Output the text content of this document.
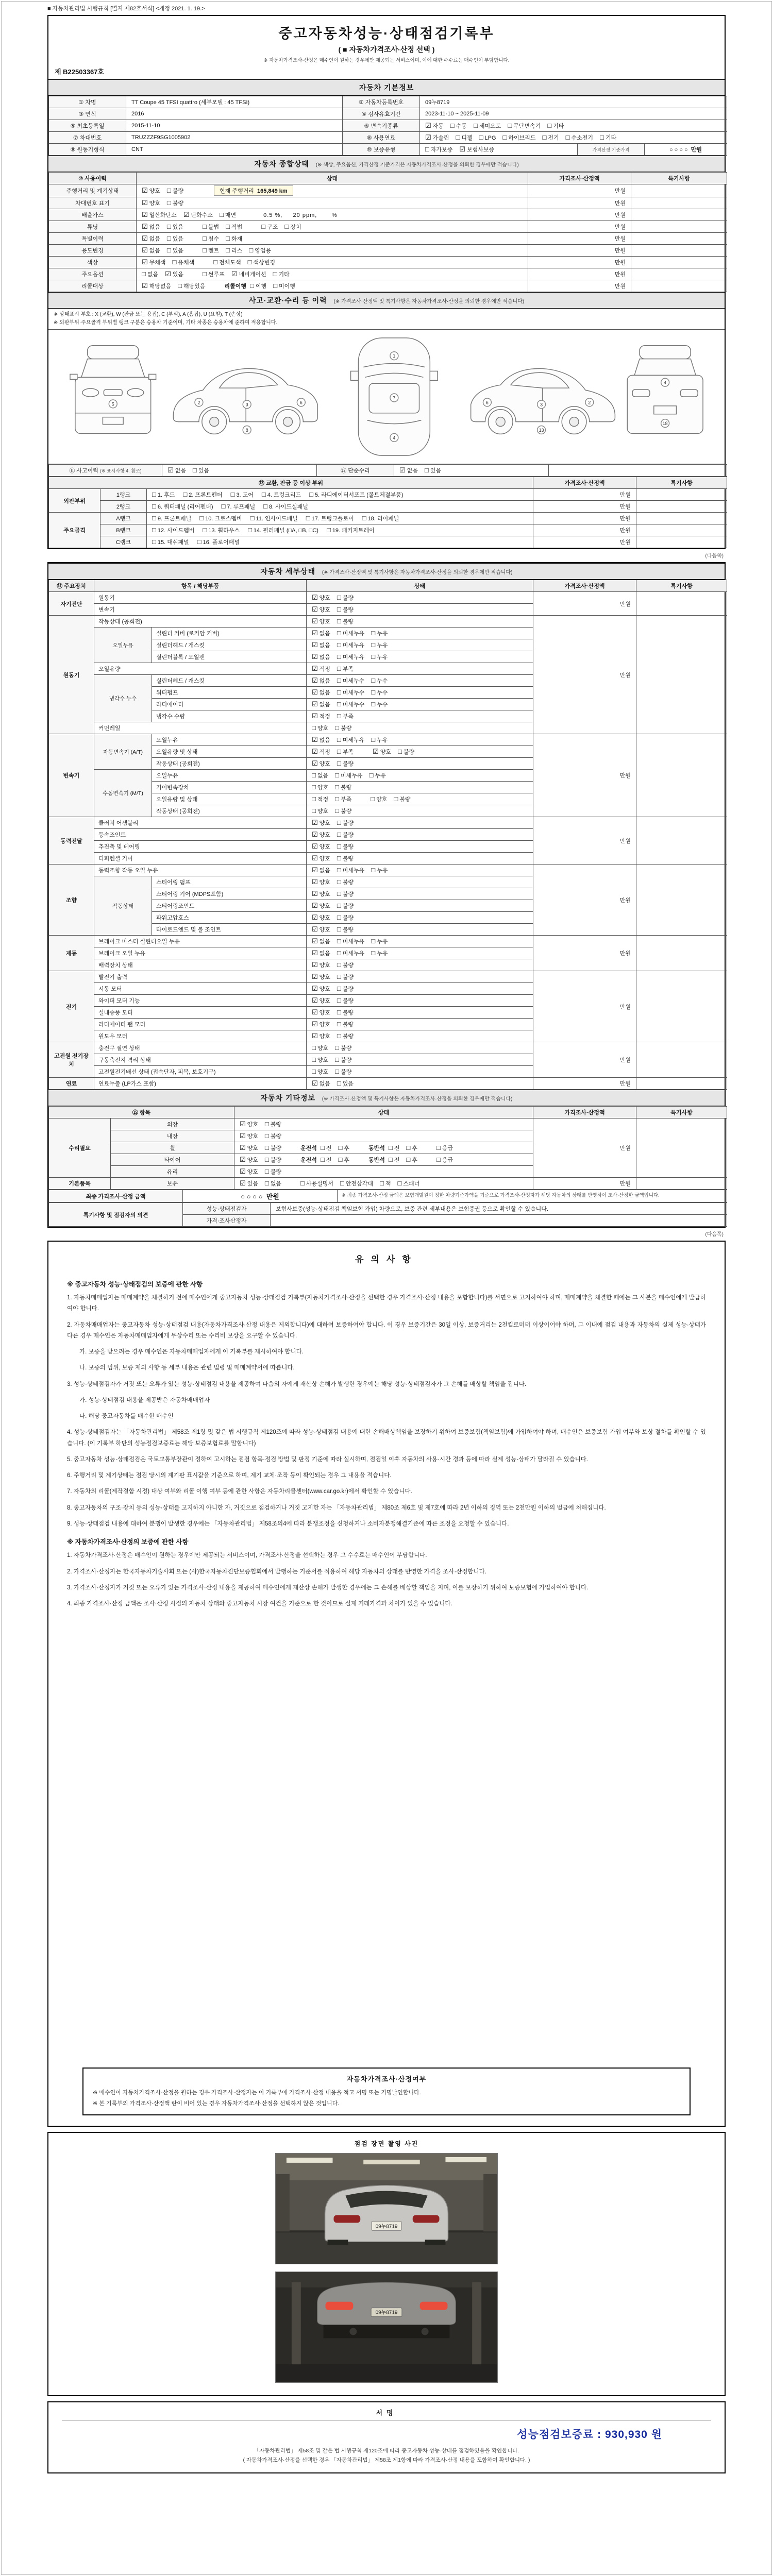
■ 자동차관리법 시행규칙 [별지 제82호서식] <개정 2021. 1. 19.>
중고자동차성능·상태점검기록부
( ■ 자동차가격조사·산정 선택 )
※ 자동차가격조사·산정은 매수인이 원하는 경우에만 제공되는 서비스이며, 이에 대한 수수료는 매수인이 부담합니다.
제 B22503367호
자동차 기본정보
① 차명	TT Coupe 45 TFSI quattro (세부모델 : 45 TFSI)	② 자동차등록번호	09누8719		
③ 연식	2016	④ 검사유효기간	2023-11-10 ~ 2025-11-09		
⑤ 최초등록일	2015-11-10	⑥ 변속기종류	☑ 자동 □ 수동 □ 세미오토 □ 무단변속기 □ 기타		
⑦ 차대번호	TRUZZZF9SG1005902	⑧ 사용연료	☑ 가솔린 □ 디젤 □ LPG □ 하이브리드 □ 전기 □ 수소전기 □ 기타		
⑨ 원동기형식	CNT	⑩ 보증유형	□ 자가보증 ☑ 보험사보증	가격산정 기준가격	○ ○ ○ ○  만원
자동차 종합상태 (※ 색상, 주요옵션, 가격산정 기준가격은 자동차가격조사·산정을 의뢰한 경우에만 적습니다)
⑩ 사용이력	상태	가격조사·산정액	특기사항
주행거리 및 계기상태	☑ 양호 □ 불량 현재 주행거리  165,849 km	만원	
차대번호 표기	☑ 양호 □ 불량	만원	
배출가스	☑ 일산화탄소 ☑ 탄화수소 □ 매연 0.5 %,     20 ppm,       %	만원	
튜닝	☑ 없음 □ 있음 □ 불법 □ 적법 □ 구조 □ 장치	만원	
특별이력	☑ 없음 □ 있음 □ 침수 □ 화재	만원	
용도변경	☑ 없음 □ 있음 □ 렌트 □ 리스 □ 영업용	만원	
색상	☑ 무채색 □ 유채색 □ 전체도색 □ 색상변경	만원	
주요옵션	□ 없음 ☑ 있음 □ 썬루프 ☑ 네비게이션 □ 기타	만원	
리콜대상	☑ 해당없음 □ 해당있음 리콜이행 □ 이행 □ 미이행	만원	
사고·교환·수리 등 이력 (※ 가격조사·산정액 및 특기사항은 자동차가격조사·산정을 의뢰한 경우에만 적습니다)
※ 상태표시 부호 : X (교환), W (판금 또는 용접), C (부식), A (흠집), U (요철), T (손상)
※ 외판부위·주요골격 부위별 랭크 구분은 승용차 기준이며, 기타 차종은 승용차에 준하여 적용합니다.
5	2	3	6
8
1
7
4
2
3
6
13
4
18
⑪ 사고이력 (※ 표시사항 4. 참조)	☑ 없음 □ 있음	⑫ 단순수리	☑ 없음 □ 있음	
⑬ 교환, 판금 등 이상 부위			가격조사·산정액	특기사항
외판부위	1랭크	□ 1. 후드 □ 2. 프론트펜더 □ 3. 도어 □ 4. 트렁크리드 □ 5. 라디에이터서포트 (볼트체결부품)	만원	
	2랭크	□ 6. 쿼터패널 (리어펜더) □ 7. 루프패널 □ 8. 사이드실패널	만원	
주요골격	A랭크	□ 9. 프론트패널 □ 10. 크로스멤버 □ 11. 인사이드패널 □ 17. 트렁크플로어 □ 18. 리어패널	만원	
	B랭크	□ 12. 사이드멤버 □ 13. 휠하우스 □ 14. 필러패널 (□A, □B, □C) □ 19. 패키지트레이	만원	
	C랭크	□ 15. 대쉬패널 □ 16. 플로어패널	만원	
(다음쪽)
자동차 세부상태 (※ 가격조사·산정액 및 특기사항은 자동차가격조사·산정을 의뢰한 경우에만 적습니다)
⑭ 주요장치	항목 / 해당부품		상태	가격조사·산정액	특기사항
자기진단	원동기		☑ 양호 □ 불량	만원	
	변속기		☑ 양호 □ 불량		
원동기	작동상태 (공회전)		☑ 양호 □ 불량	만원	
	오일누유	실린더 커버 (로커암 커버)	☑ 없음 □ 미세누유 □ 누유		
		실린더헤드 / 개스킷	☑ 없음 □ 미세누유 □ 누유		
		실린더블록 / 오일팬	☑ 없음 □ 미세누유 □ 누유		
	오일유량		☑ 적정 □ 부족		
	냉각수 누수	실린더헤드 / 개스킷	☑ 없음 □ 미세누수 □ 누수		
		워터펌프	☑ 없음 □ 미세누수 □ 누수		
		라디에이터	☑ 없음 □ 미세누수 □ 누수		
		냉각수 수량	☑ 적정 □ 부족		
	커먼레일		□ 양호 □ 불량		
변속기	자동변속기 (A/T)	오일누유	☑ 없음 □ 미세누유 □ 누유	만원	
		오일유량 및 상태	☑ 적정 □ 부족 ☑ 양호 □ 불량		
		작동상태 (공회전)	☑ 양호 □ 불량		
	수동변속기 (M/T)	오일누유	□ 없음 □ 미세누유 □ 누유		
		기어변속장치	□ 양호 □ 불량		
		오일유량 및 상태	□ 적정 □ 부족 □ 양호 □ 불량		
		작동상태 (공회전)	□ 양호 □ 불량		
동력전달	클러치 어셈블리		☑ 양호 □ 불량	만원	
	등속조인트		☑ 양호 □ 불량		
	추진축 및 베어링		☑ 양호 □ 불량		
	디퍼렌셜 기어		☑ 양호 □ 불량		
조향	동력조향 작동 오일 누유		☑ 없음 □ 미세누유 □ 누유	만원	
	작동상태	스티어링 펌프	☑ 양호 □ 불량		
		스티어링 기어 (MDPS포함)	☑ 양호 □ 불량		
		스티어링조인트	☑ 양호 □ 불량		
		파워고압호스	☑ 양호 □ 불량		
		타이로드엔드 및 볼 조인트	☑ 양호 □ 불량		
제동	브레이크 마스터 실린더오일 누유		☑ 없음 □ 미세누유 □ 누유	만원	
	브레이크 오일 누유		☑ 없음 □ 미세누유 □ 누유		
	배력장치 상태		☑ 양호 □ 불량		
전기	발전기 출력		☑ 양호 □ 불량	만원	
	시동 모터		☑ 양호 □ 불량		
	와이퍼 모터 기능		☑ 양호 □ 불량		
	실내송풍 모터		☑ 양호 □ 불량		
	라디에이터 팬 모터		☑ 양호 □ 불량		
	윈도우 모터		☑ 양호 □ 불량		
고전원 전기장치	충전구 절연 상태		□ 양호 □ 불량	만원	
	구동축전지 격리 상태		□ 양호 □ 불량		
	고전원전기배선 상태 (접속단자, 피복, 보호기구)		□ 양호 □ 불량		
연료	연료누출 (LP가스 포함)		☑ 없음 □ 있음	만원	
자동차 기타정보 (※ 가격조사·산정액 및 특기사항은 자동차가격조사·산정을 의뢰한 경우에만 적습니다)
⑮ 항목		상태	가격조사·산정액	특기사항
수리필요	외장	☑ 양호 □ 불량	만원	
	내장	☑ 양호 □ 불량		
	휠	☑ 양호 □ 불량 운전석 □ 전 □ 후 동반석 □ 전 □ 후 □ 응급		
	타이어	☑ 양호 □ 불량 운전석 □ 전 □ 후 동반석 □ 전 □ 후 □ 응급		
	유리	☑ 양호 □ 불량		
기본품목	보유	☑ 있음 □ 없음 □ 사용설명서 □ 안전삼각대 □ 잭 □ 스패너	만원	
최종 가격조사·산정 금액	○ ○ ○ ○  만원	※ 최종 가격조사·산정 금액은 보험개발원이 정한 차량기준가액을 기준으로 가격조사·산정자가 해당 자동차의 상태를 반영하여 조사·산정한 금액입니다.
특기사항 및 점검자의 의견	성능·상태점검자	보험사보증(성능·상태점검 책임보험 가입) 차량으로, 보증 관련 세부내용은 보험증권 등으로 확인할 수 있습니다.
	가격·조사산정자	
(다음쪽)
유의사항
※ 중고자동차 성능·상태점검의 보증에 관한 사항
1. 자동차매매업자는 매매계약을 체결하기 전에 매수인에게 중고자동차 성능·상태점검 기록부(자동차가격조사·산정을 선택한 경우 가격조사·산정 내용을 포함합니다)를 서면으로 고지하여야 하며, 매매계약을 체결한 때에는 그 사본을 매수인에게 발급하여야 합니다.
2. 자동차매매업자는 중고자동차 성능·상태점검 내용(자동차가격조사·산정 내용은 제외합니다)에 대하여 보증하여야 합니다. 이 경우 보증기간은 30일 이상, 보증거리는 2천킬로미터 이상이어야 하며, 그 이내에 점검 내용과 자동차의 실제 성능·상태가 다른 경우 매수인은 자동차매매업자에게 무상수리 또는 수리비 보상을 요구할 수 있습니다.
가. 보증을 받으려는 경우 매수인은 자동차매매업자에게 이 기록부를 제시하여야 합니다.
나. 보증의 범위, 보증 제외 사항 등 세부 내용은 관련 법령 및 매매계약서에 따릅니다.
3. 성능·상태점검자가 거짓 또는 오류가 있는 성능·상태점검 내용을 제공하여 다음의 자에게 재산상 손해가 발생한 경우에는 해당 성능·상태점검자가 그 손해를 배상할 책임을 집니다.
가. 성능·상태점검 내용을 제공받은 자동차매매업자
나. 해당 중고자동차를 매수한 매수인
4. 성능·상태점검자는 「자동차관리법」 제58조 제1항 및 같은 법 시행규칙 제120조에 따라 성능·상태점검 내용에 대한 손해배상책임을 보장하기 위하여 보증보험(책임보험)에 가입하여야 하며, 매수인은 보증보험 가입 여부와 보상 절차를 확인할 수 있습니다. (이 기록부 하단의 성능점검보증료는 해당 보증보험료를 말합니다)
5. 중고자동차 성능·상태점검은 국토교통부장관이 정하여 고시하는 점검 항목·점검 방법 및 판정 기준에 따라 실시하며, 점검일 이후 자동차의 사용·시간 경과 등에 따라 실제 성능·상태가 달라질 수 있습니다.
6. 주행거리 및 계기상태는 점검 당시의 계기판 표시값을 기준으로 하며, 계기 교체·조작 등이 확인되는 경우 그 내용을 적습니다.
7. 자동차의 리콜(제작결함 시정) 대상 여부와 리콜 이행 여부 등에 관한 사항은 자동차리콜센터(www.car.go.kr)에서 확인할 수 있습니다.
8. 중고자동차의 구조·장치 등의 성능·상태를 고지하지 아니한 자, 거짓으로 점검하거나 거짓 고지한 자는 「자동차관리법」 제80조 제6호 및 제7호에 따라 2년 이하의 징역 또는 2천만원 이하의 벌금에 처해집니다.
9. 성능·상태점검 내용에 대하여 분쟁이 발생한 경우에는 「자동차관리법」 제58조의4에 따라 분쟁조정을 신청하거나 소비자분쟁해결기준에 따른 조정을 요청할 수 있습니다.
※ 자동차가격조사·산정의 보증에 관한 사항
1. 자동차가격조사·산정은 매수인이 원하는 경우에만 제공되는 서비스이며, 가격조사·산정을 선택하는 경우 그 수수료는 매수인이 부담합니다.
2. 가격조사·산정자는 한국자동차기술사회 또는 (사)한국자동차진단보증협회에서 발행하는 기준서를 적용하여 해당 자동차의 상태를 반영한 가격을 조사·산정합니다.
3. 가격조사·산정자가 거짓 또는 오류가 있는 가격조사·산정 내용을 제공하여 매수인에게 재산상 손해가 발생한 경우에는 그 손해를 배상할 책임을 지며, 이를 보장하기 위하여 보증보험에 가입하여야 합니다.
4. 최종 가격조사·산정 금액은 조사·산정 시점의 자동차 상태와 중고자동차 시장 여건을 기준으로 한 것이므로 실제 거래가격과 차이가 있을 수 있습니다.
자동차가격조사·산정여부
※ 매수인이 자동차가격조사·산정을 원하는 경우 가격조사·산정자는 이 기록부에 가격조사·산정 내용을 적고 서명 또는 기명날인합니다.
※ 본 기록부의 가격조사·산정액 란이 비어 있는 경우 자동차가격조사·산정을 선택하지 않은 것입니다.
점검 장면 촬영 사진
09누8719
09누8719
서명
성능점검보증료 : 930,930 원
「자동차관리법」 제58조 및 같은 법 시행규칙 제120조에 따라 중고자동차 성능·상태를 점검하였음을 확인합니다.
( 자동차가격조사·산정을 선택한 경우 「자동차관리법」 제58조 제1항에 따라 가격조사·산정 내용을 포함하여 확인합니다. )
